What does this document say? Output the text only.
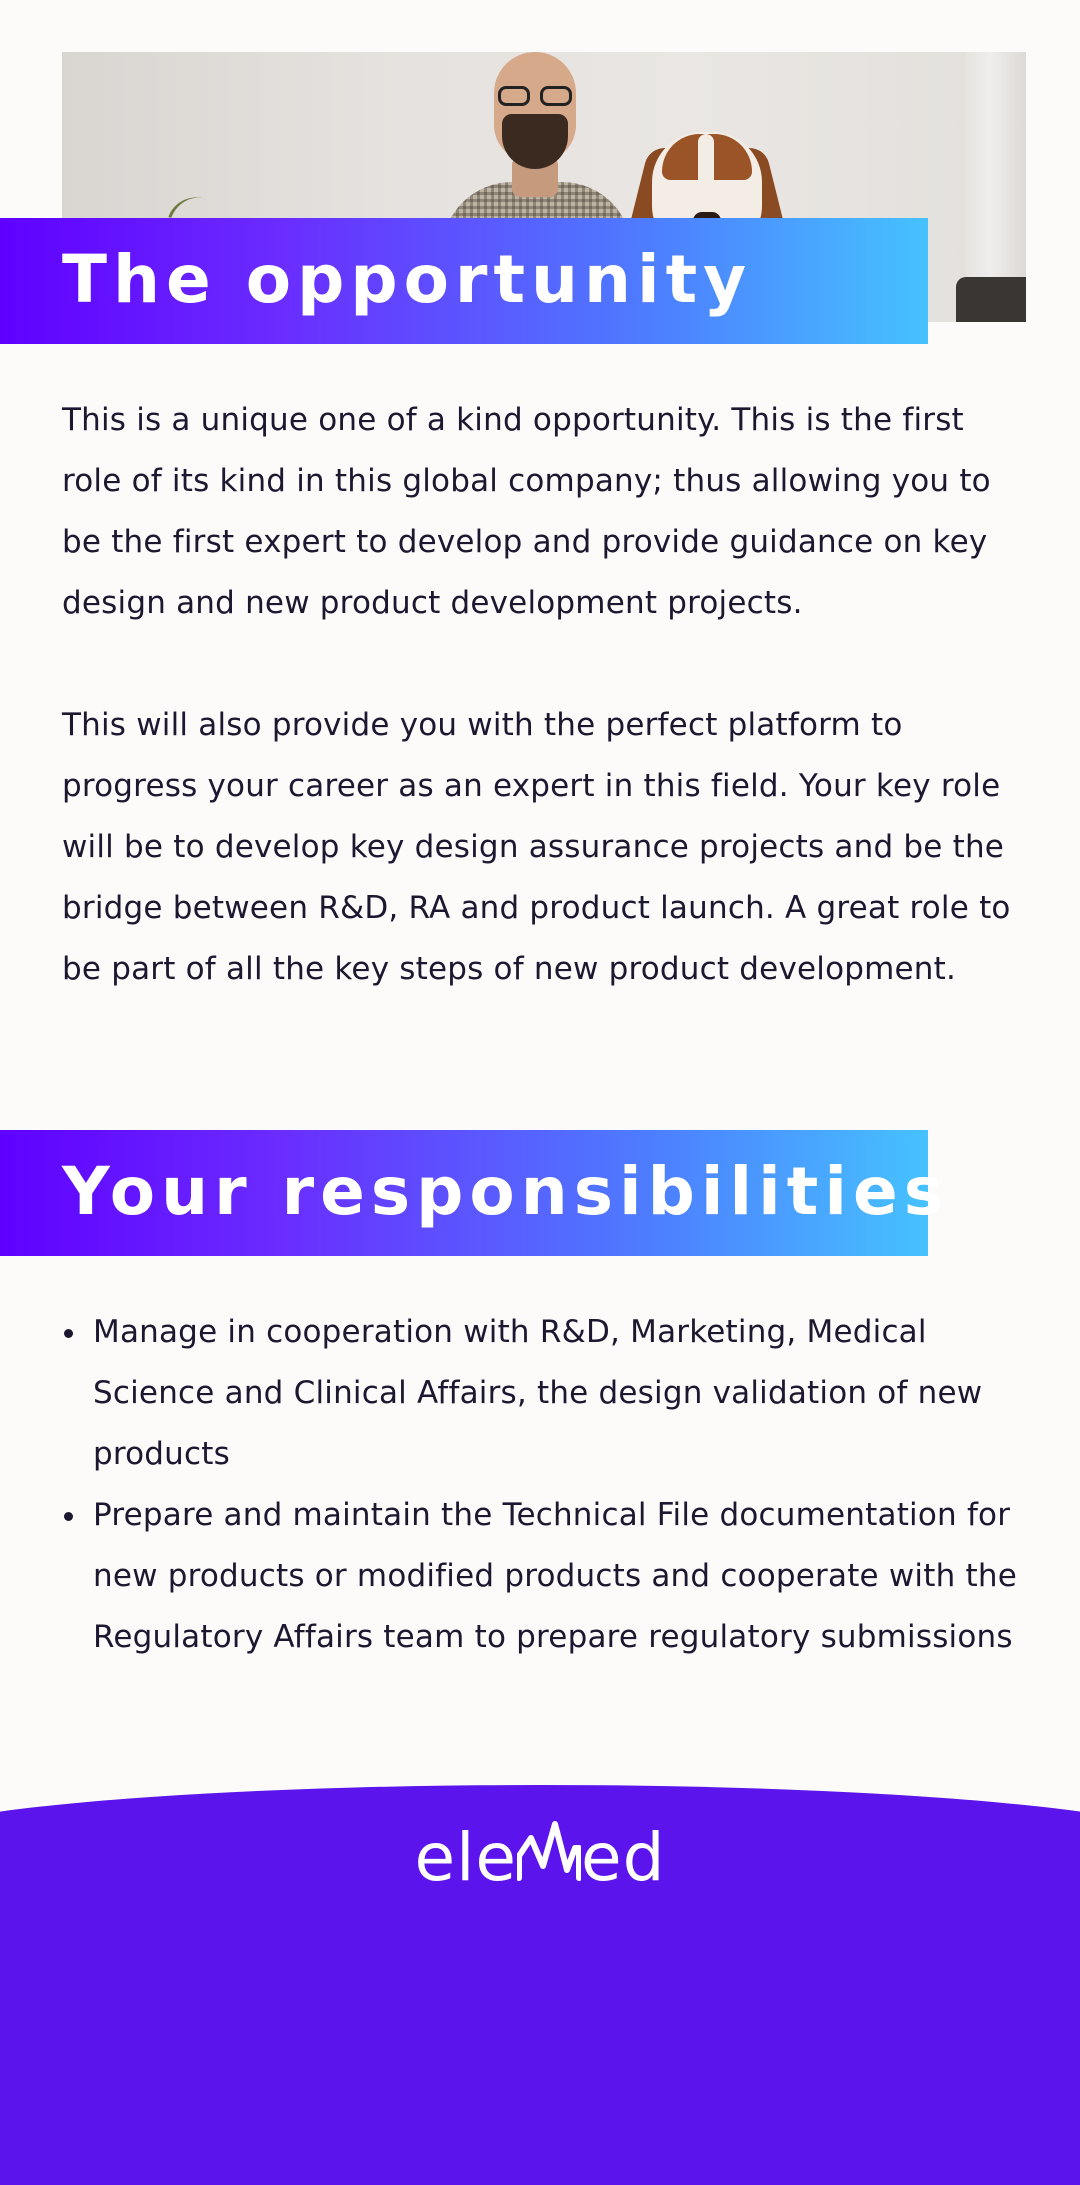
The opportunity

This is a unique one of a kind opportunity. This is the first role of its kind in this global company; thus allowing you to be the first expert to develop and provide guidance on key design and new product development projects.

This will also provide you with the perfect platform to progress your career as an expert in this field. Your key role will be to develop key design assurance projects and be the bridge between R&D, RA and product launch. A great role to be part of all the key steps of new product development.

Your responsibilities
Manage in cooperation with R&D, Marketing, Medical Science and Clinical Affairs, the design validation of new products
Prepare and maintain the Technical File documentation for new products or modified products and cooperate with the Regulatory Affairs team to prepare regulatory submissions
ele ed
